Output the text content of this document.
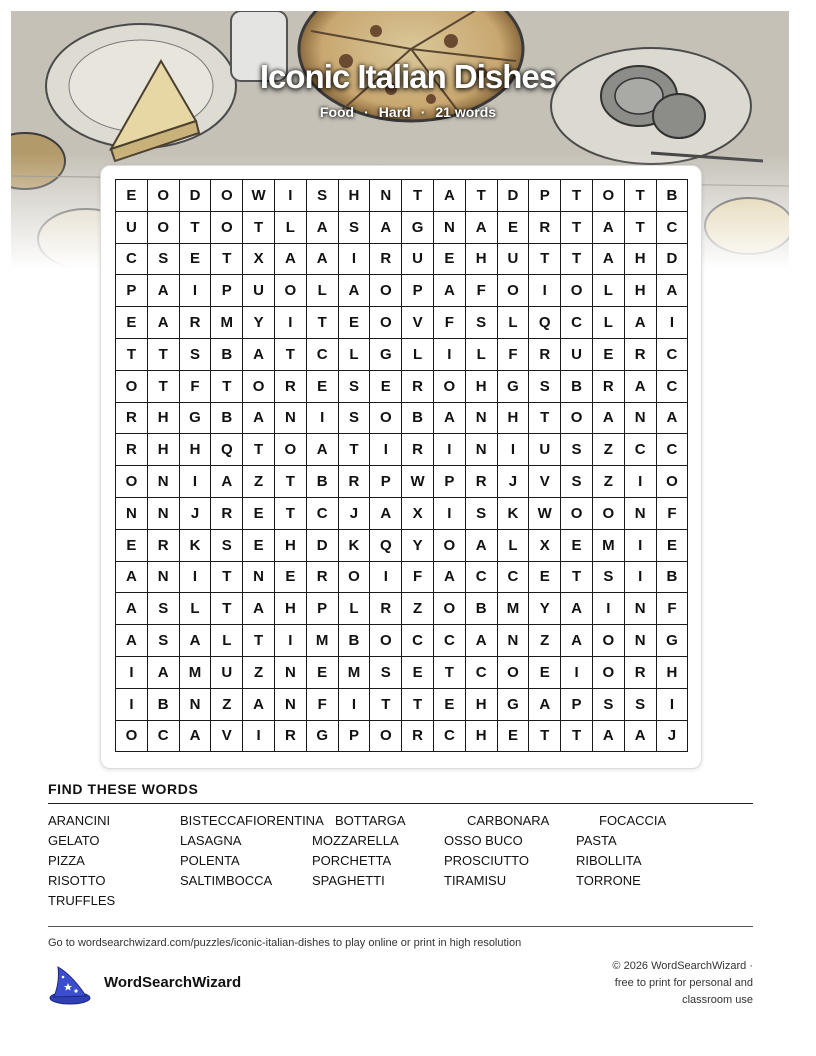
Iconic Italian Dishes
Food · Hard · 21 words
E	O	D	O	W	I	S	H	N	T	A	T	D	P	T	O	T	B
U	O	T	O	T	L	A	S	A	G	N	A	E	R	T	A	T	C
C	S	E	T	X	A	A	I	R	U	E	H	U	T	T	A	H	D
P	A	I	P	U	O	L	A	O	P	A	F	O	I	O	L	H	A
E	A	R	M	Y	I	T	E	O	V	F	S	L	Q	C	L	A	I
T	T	S	B	A	T	C	L	G	L	I	L	F	R	U	E	R	C
O	T	F	T	O	R	E	S	E	R	O	H	G	S	B	R	A	C
R	H	G	B	A	N	I	S	O	B	A	N	H	T	O	A	N	A
R	H	H	Q	T	O	A	T	I	R	I	N	I	U	S	Z	C	C
O	N	I	A	Z	T	B	R	P	W	P	R	J	V	S	Z	I	O
N	N	J	R	E	T	C	J	A	X	I	S	K	W	O	O	N	F
E	R	K	S	E	H	D	K	Q	Y	O	A	L	X	E	M	I	E
A	N	I	T	N	E	R	O	I	F	A	C	C	E	T	S	I	B
A	S	L	T	A	H	P	L	R	Z	O	B	M	Y	A	I	N	F
A	S	A	L	T	I	M	B	O	C	C	A	N	Z	A	O	N	G
I	A	M	U	Z	N	E	M	S	E	T	C	O	E	I	O	R	H
I	B	N	Z	A	N	F	I	T	T	E	H	G	A	P	S	S	I
O	C	A	V	I	R	G	P	O	R	C	H	E	T	T	A	A	J
FIND THESE WORDS
ARANCINI	BISTECCAFIORENTINA BOTTARGA	CARBONARA	FOCACCIA
GELATO	LASAGNA	MOZZARELLA	OSSO BUCO	PASTA
PIZZA	POLENTA	PORCHETTA	PROSCIUTTO	RIBOLLITA
RISOTTO	SALTIMBOCCA	SPAGHETTI	TIRAMISU	TORRONE
TRUFFLES
Go to wordsearchwizard.com/puzzles/iconic-italian-dishes to play online or print in high resolution
WordSearchWizard
© 2026 WordSearchWizard ·
free to print for personal and
classroom use
